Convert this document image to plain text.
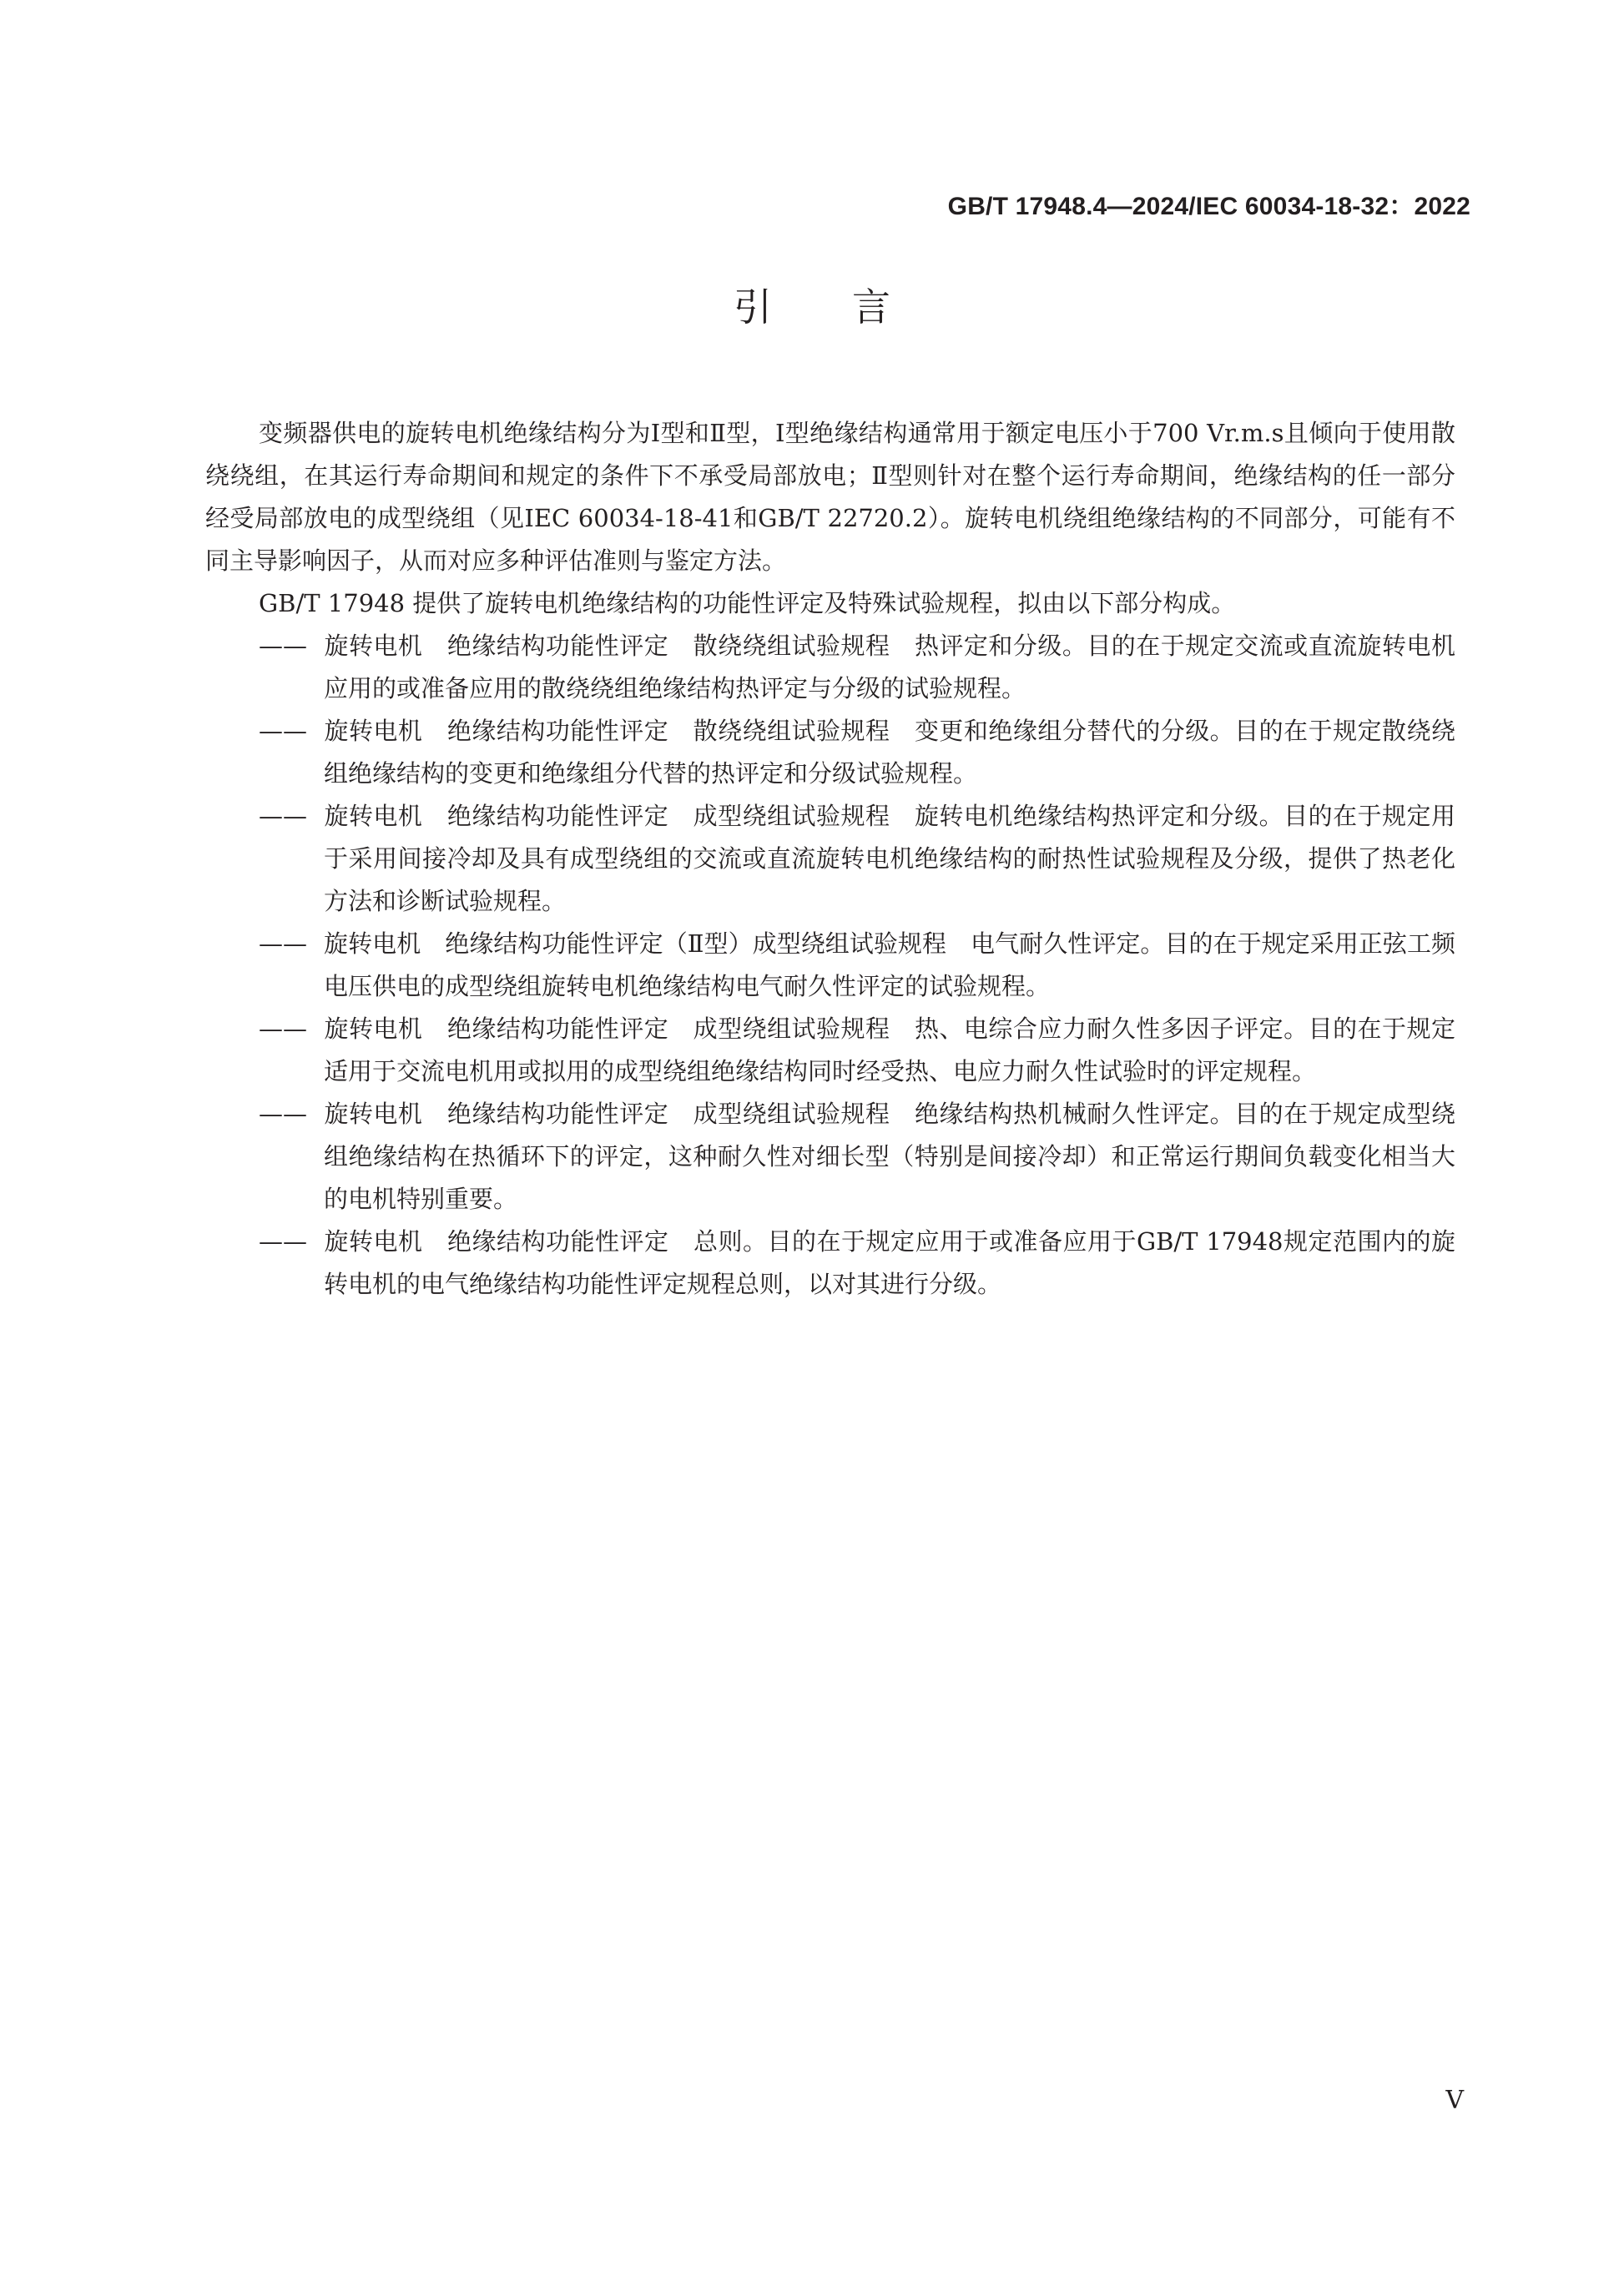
GB/T 17948.4—2024/IEC 60034-18-32：2022
引言

变频器供电的旋转电机绝缘结构分为Ⅰ型和Ⅱ型，Ⅰ型绝缘结构通常用于额定电压小于700 Vr.m.s且倾向于使用散绕绕组，在其运行寿命期间和规定的条件下不承受局部放电；Ⅱ型则针对在整个运行寿命期间，绝缘结构的任一部分经受局部放电的成型绕组（见IEC 60034-18-41和GB/T 22720.2）。旋转电机绕组绝缘结构的不同部分，可能有不同主导影响因子，从而对应多种评估准则与鉴定方法。

GB/T 17948 提供了旋转电机绝缘结构的功能性评定及特殊试验规程，拟由以下部分构成。

—— 旋转电机　绝缘结构功能性评定　散绕绕组试验规程　热评定和分级。目的在于规定交流或直流旋转电机应用的或准备应用的散绕绕组绝缘结构热评定与分级的试验规程。
—— 旋转电机　绝缘结构功能性评定　散绕绕组试验规程　变更和绝缘组分替代的分级。目的在于规定散绕绕组绝缘结构的变更和绝缘组分代替的热评定和分级试验规程。
—— 旋转电机　绝缘结构功能性评定　成型绕组试验规程　旋转电机绝缘结构热评定和分级。目的在于规定用于采用间接冷却及具有成型绕组的交流或直流旋转电机绝缘结构的耐热性试验规程及分级，提供了热老化方法和诊断试验规程。
—— 旋转电机　绝缘结构功能性评定（Ⅱ型）成型绕组试验规程　电气耐久性评定。目的在于规定采用正弦工频电压供电的成型绕组旋转电机绝缘结构电气耐久性评定的试验规程。
—— 旋转电机　绝缘结构功能性评定　成型绕组试验规程　热、电综合应力耐久性多因子评定。目的在于规定适用于交流电机用或拟用的成型绕组绝缘结构同时经受热、电应力耐久性试验时的评定规程。
—— 旋转电机　绝缘结构功能性评定　成型绕组试验规程　绝缘结构热机械耐久性评定。目的在于规定成型绕组绝缘结构在热循环下的评定，这种耐久性对细长型（特别是间接冷却）和正常运行期间负载变化相当大的电机特别重要。
—— 旋转电机　绝缘结构功能性评定　总则。目的在于规定应用于或准备应用于GB/T 17948规定范围内的旋转电机的电气绝缘结构功能性评定规程总则，以对其进行分级。
Ⅴ
